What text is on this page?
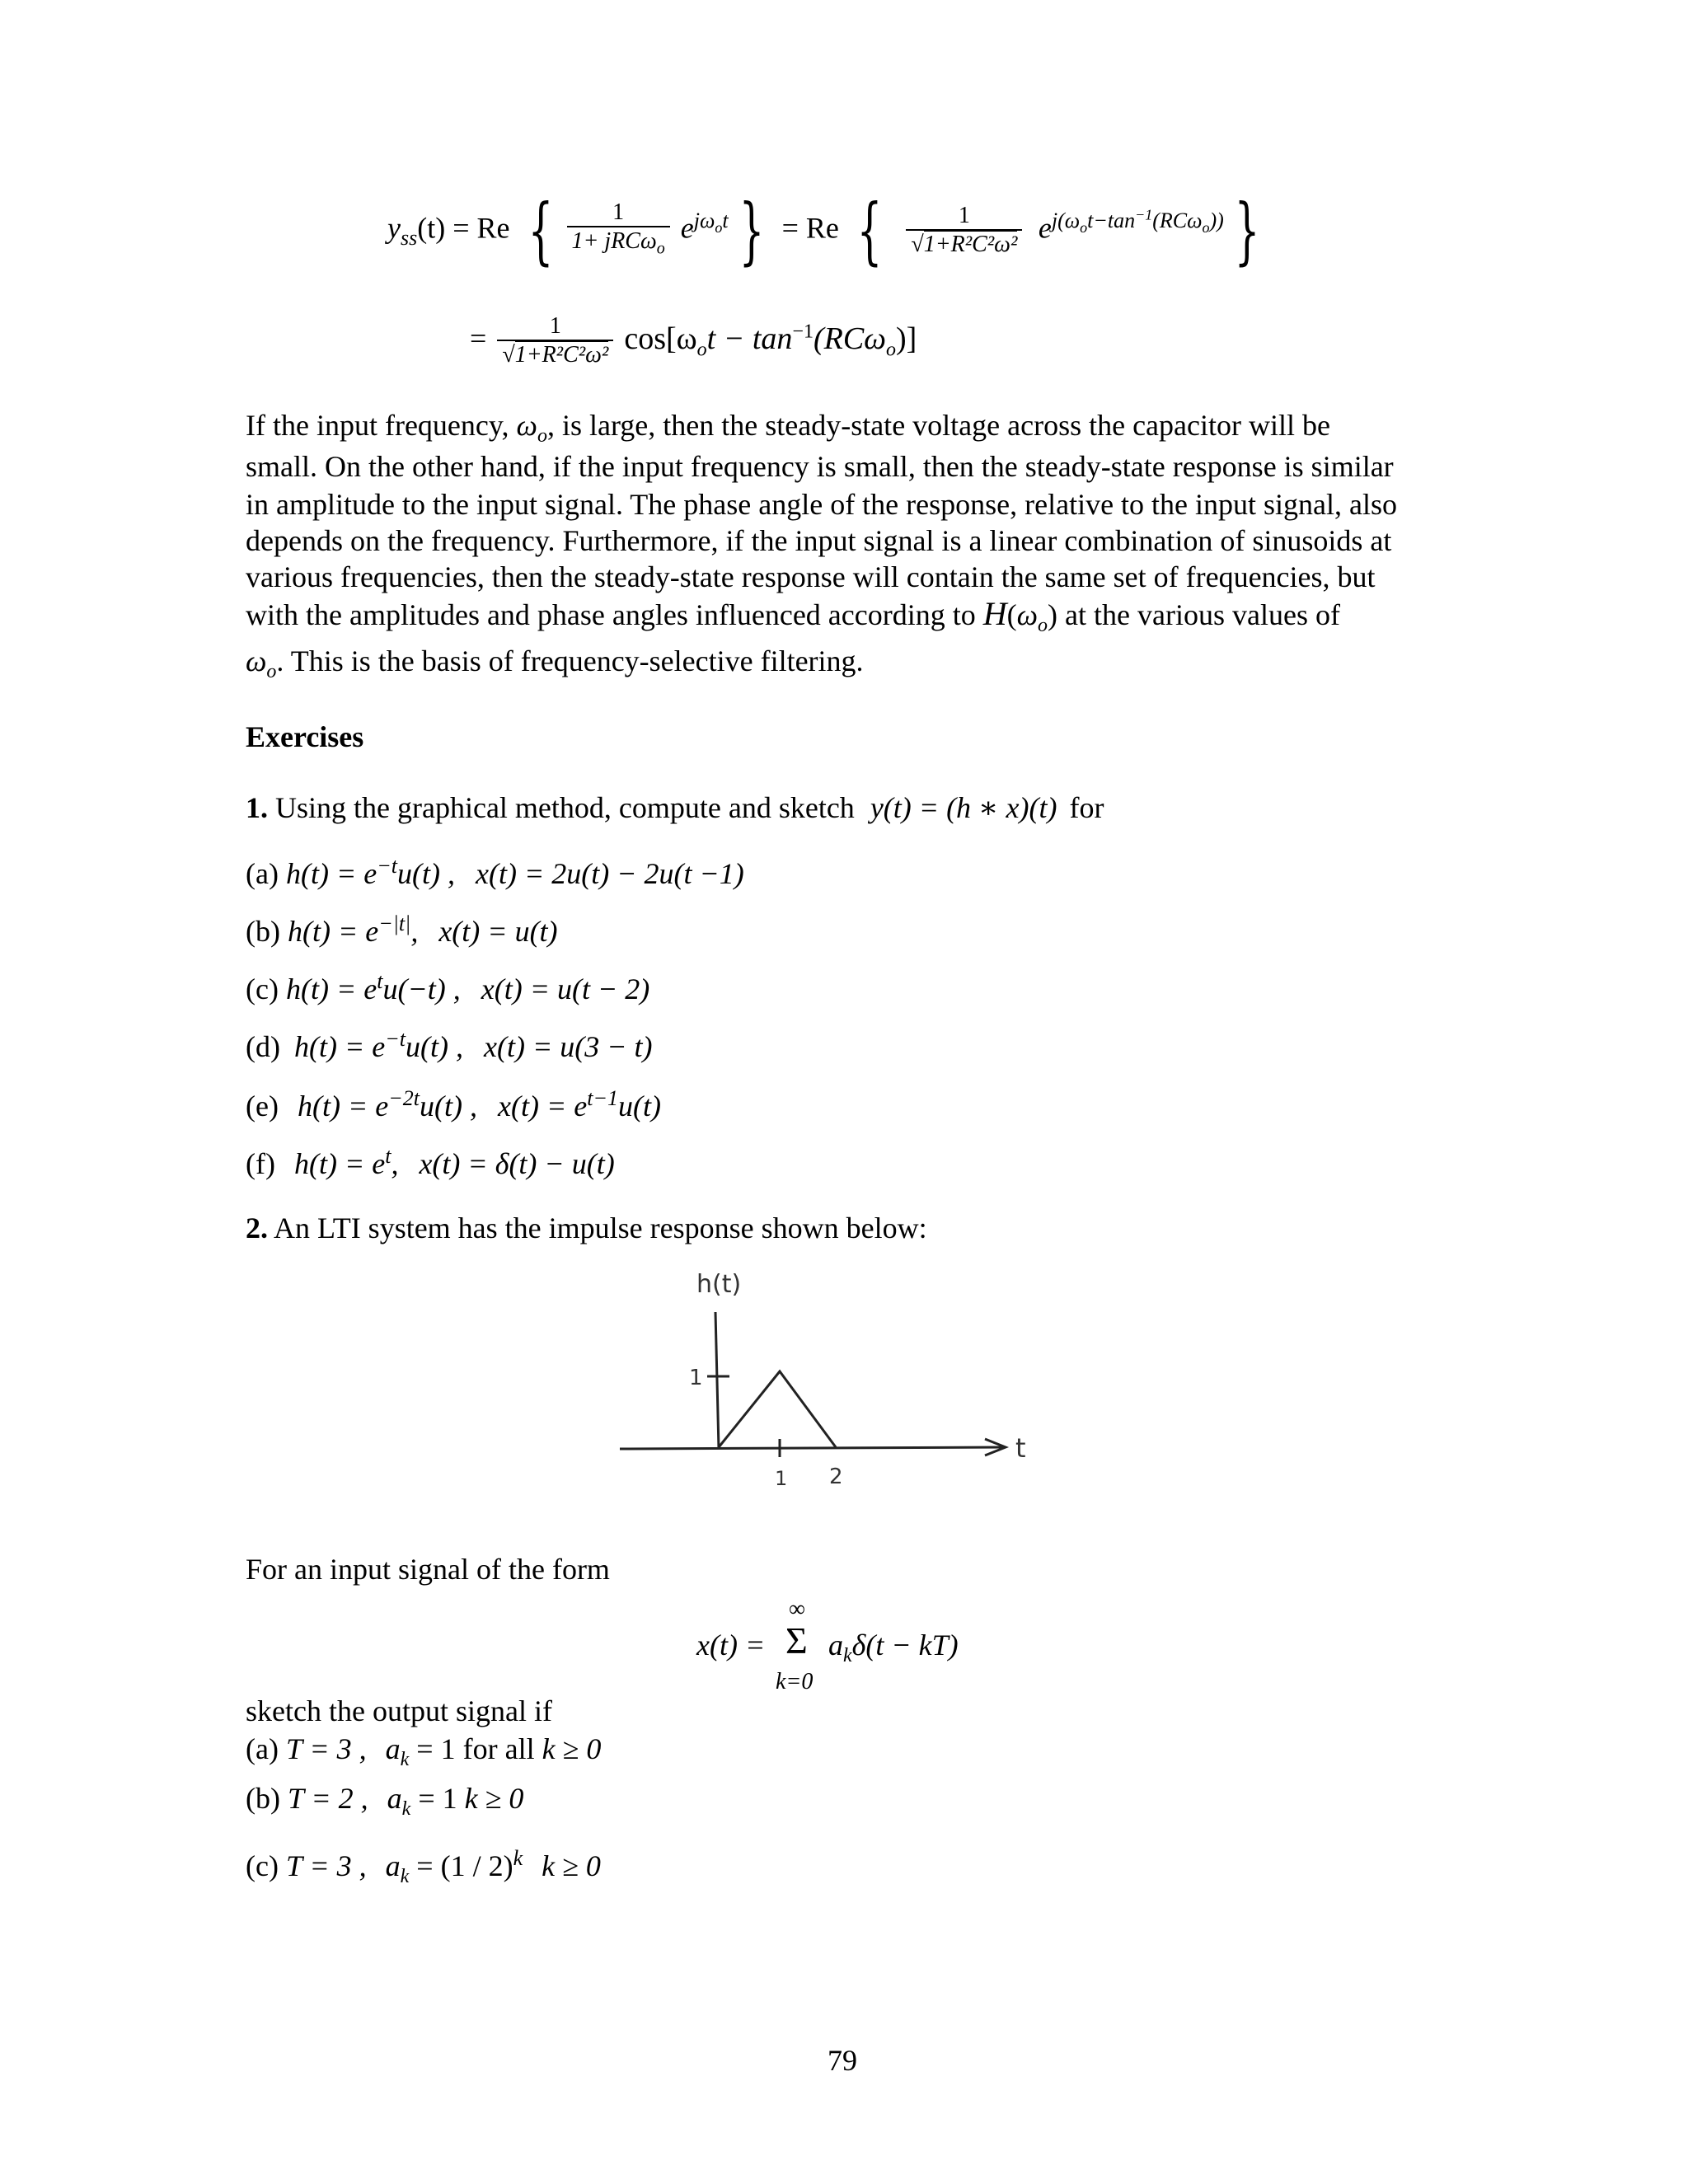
$y_{ss}(t) = Re$ { $\frac{1}{1+ jRC\omega_o} e^{j\omega_ot}$ } = Re { $\frac{1}{\text{√1+R²C²ω²}} e^{j(\omega_ot-tan^{-1}(RC\omega_o))}$ }
= $\frac{1}{\text{√1+R²C²ω²}} \cos[\omega_ot - \tan^{-1}(RC\omega_o)]$
If the input frequency, $\omega_o$, is large, then the steady-state voltage across the capacitor will be
small. On the other hand, if the input frequency is small, then the steady-state response is similar
in amplitude to the input signal. The phase angle of the response, relative to the input signal, also
depends on the frequency. Furthermore, if the input signal is a linear combination of sinusoids at
various frequencies, then the steady-state response will contain the same set of frequencies, but
with the amplitudes and phase angles influenced according to $H(\omega_o)$ at the various values of
$\omega_o$. This is the basis of frequency-selective filtering.
Exercises
1. Using the graphical method, compute and sketch y(t) = (h ∗ x)(t) for
(a) $h(t) = e^{-t}u(t)$ , x(t) = 2u(t) − 2u(t −1)
(b) $h(t) = e^{-|t|}$, x(t) = u(t)
(c) $h(t) = e^tu(-t)$ , x(t) = u(t − 2)
(d) $h(t) = e^{-t}u(t)$ , x(t) = u(3 − t)
(e) $h(t) = e^{-2t}u(t)$ , $x(t) = e^{t-1}u(t)$
(f) $h(t) = e^t$, x(t) = δ(t) − u(t)
2. An LTI system has the impulse response shown below:
h(t)
t
1
1 2
For an input signal of the form
x(t) =
∞
Σ
k=0
$a_k\delta(t - kT)$
sketch the output signal if
(a) T = 3 , $a_k = 1$ for all k ≥ 0
(b) T = 2 , $a_k = 1$ k ≥ 0
(c) T = 3 , $a_k = (1 / 2)^k$ k ≥ 0
79
